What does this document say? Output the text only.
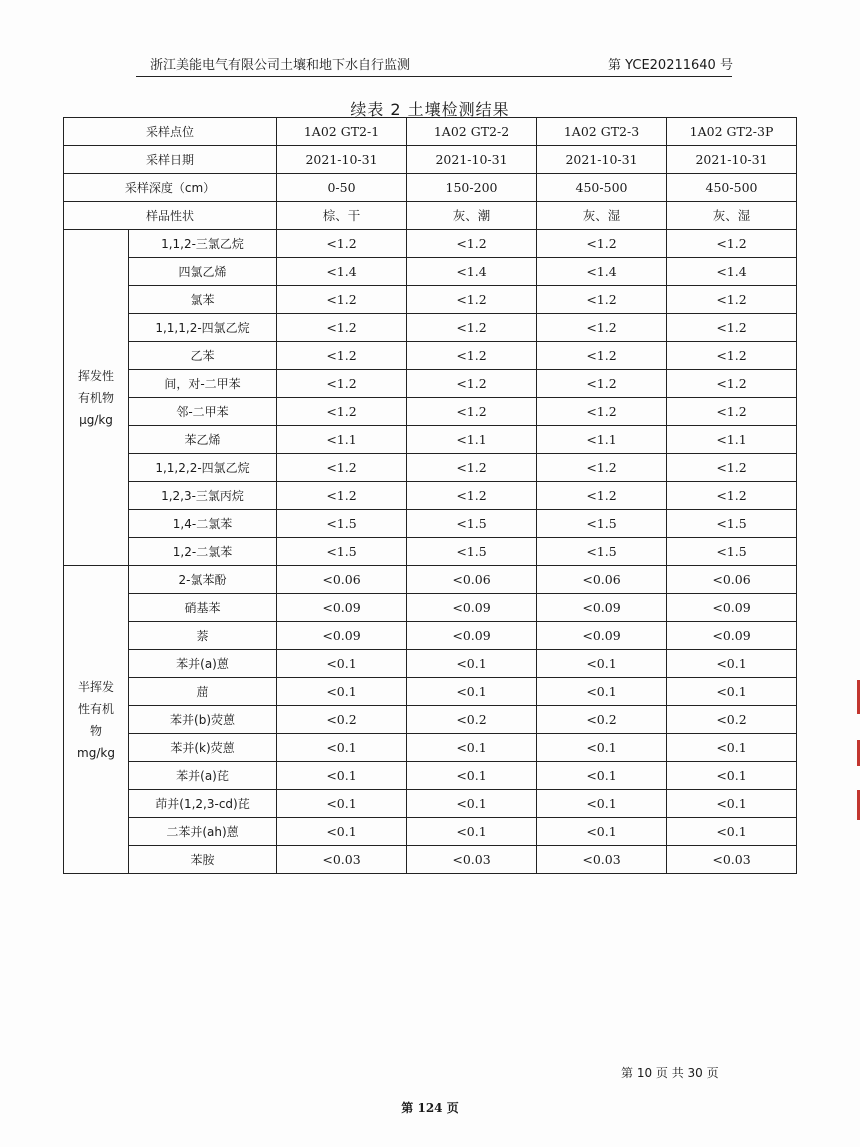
浙江美能电气有限公司土壤和地下水自行监测	第 YCE20211640 号
续表 2 土壤检测结果
采样点位		1A02 GT2-1	1A02 GT2-2	1A02 GT2-3	1A02 GT2-3P
采样日期		2021-10-31	2021-10-31	2021-10-31	2021-10-31
采样深度（cm）		0-50	150-200	450-500	450-500
样品性状		棕、干	灰、潮	灰、湿	灰、湿

挥发性
有机物
μg/kg	1,1,2-三氯乙烷	<1.2	<1.2	<1.2	<1.2
	四氯乙烯	<1.4	<1.4	<1.4	<1.4
	氯苯	<1.2	<1.2	<1.2	<1.2
	1,1,1,2-四氯乙烷	<1.2	<1.2	<1.2	<1.2
	乙苯	<1.2	<1.2	<1.2	<1.2
	间，对-二甲苯	<1.2	<1.2	<1.2	<1.2
	邻-二甲苯	<1.2	<1.2	<1.2	<1.2
	苯乙烯	<1.1	<1.1	<1.1	<1.1
	1,1,2,2-四氯乙烷	<1.2	<1.2	<1.2	<1.2
	1,2,3-三氯丙烷	<1.2	<1.2	<1.2	<1.2
	1,4-二氯苯	<1.5	<1.5	<1.5	<1.5
	1,2-二氯苯	<1.5	<1.5	<1.5	<1.5

半挥发
性有机
物
mg/kg	2-氯苯酚	<0.06	<0.06	<0.06	<0.06
	硝基苯	<0.09	<0.09	<0.09	<0.09
	萘	<0.09	<0.09	<0.09	<0.09
	苯并(a)蒽	<0.1	<0.1	<0.1	<0.1
	䓛	<0.1	<0.1	<0.1	<0.1
	苯并(b)荧蒽	<0.2	<0.2	<0.2	<0.2
	苯并(k)荧蒽	<0.1	<0.1	<0.1	<0.1
	苯并(a)芘	<0.1	<0.1	<0.1	<0.1
	茚并(1,2,3-cd)芘	<0.1	<0.1	<0.1	<0.1
	二苯并(ah)蒽	<0.1	<0.1	<0.1	<0.1
	苯胺	<0.03	<0.03	<0.03	<0.03
第 10 页 共 30 页
第 124 页
